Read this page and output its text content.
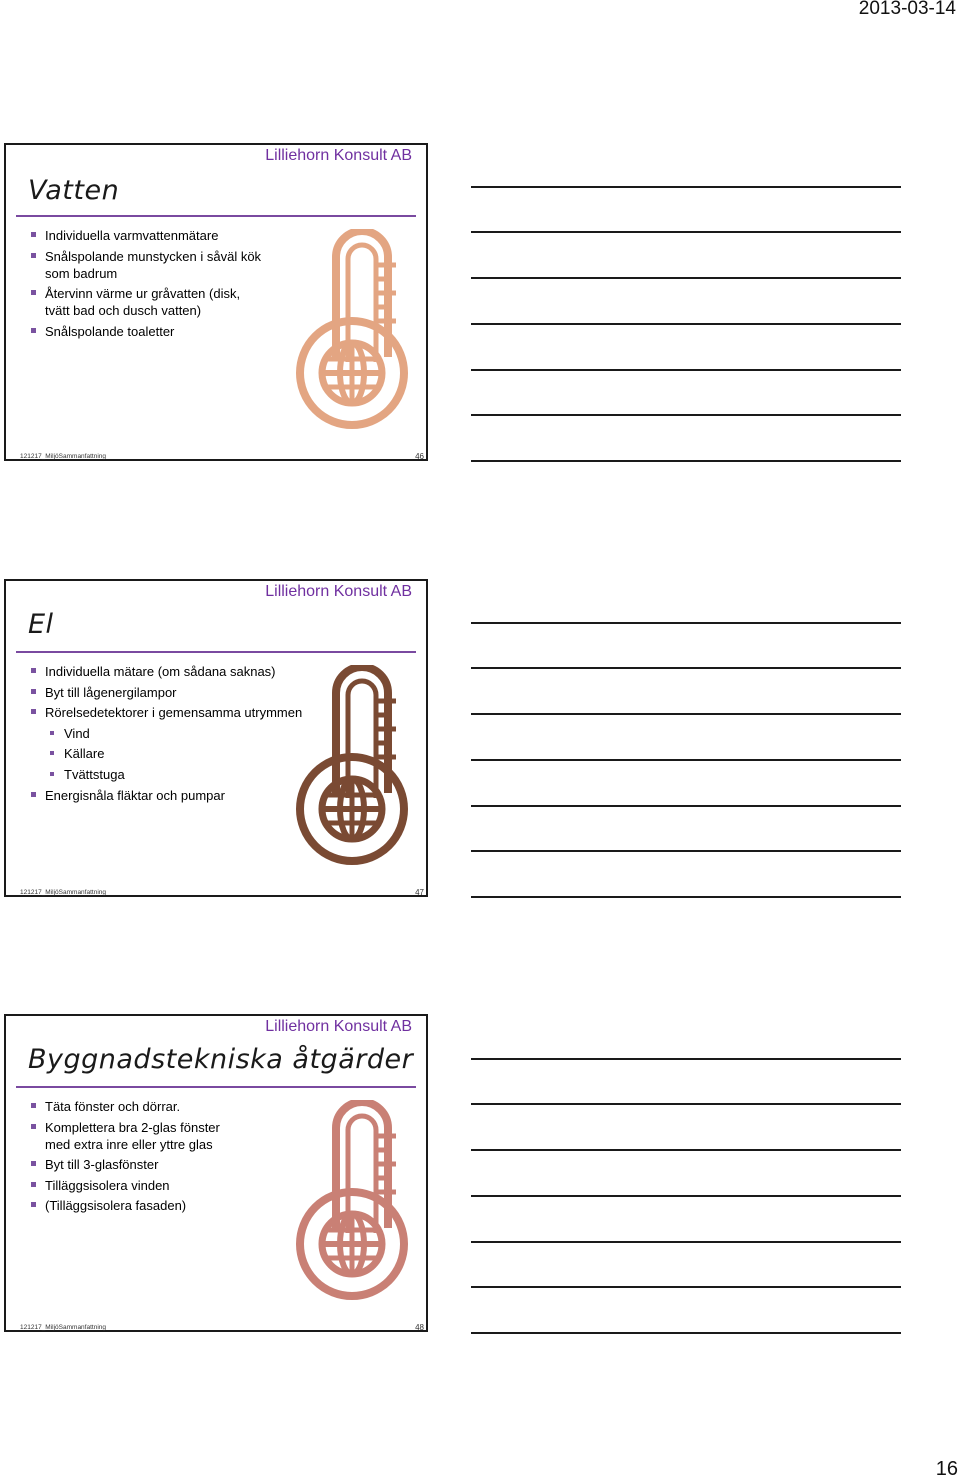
2013-03-14
Lilliehorn Konsult AB
Vatten
Individuella varmvattenmätare
Snålspolande munstycken i såväl kök som badrum
Återvinn värme ur gråvatten (disk, tvätt bad och dusch vatten)
Snålspolande toaletter
121217_MiljöSammanfattning	46
Lilliehorn Konsult AB
El
Individuella mätare (om sådana saknas)
Byt till lågenergilampor
Rörelsedetektorer i gemensamma utrymmen
Vind
Källare
Tvättstuga
Energisnåla fläktar och pumpar
121217_MiljöSammanfattning	47
Lilliehorn Konsult AB
Byggnadstekniska åtgärder
Täta fönster och dörrar.
Komplettera bra 2-glas fönster med extra inre eller yttre glas
Byt till 3-glasfönster
Tilläggsisolera vinden
(Tilläggsisolera fasaden)
121217_MiljöSammanfattning	48
16
